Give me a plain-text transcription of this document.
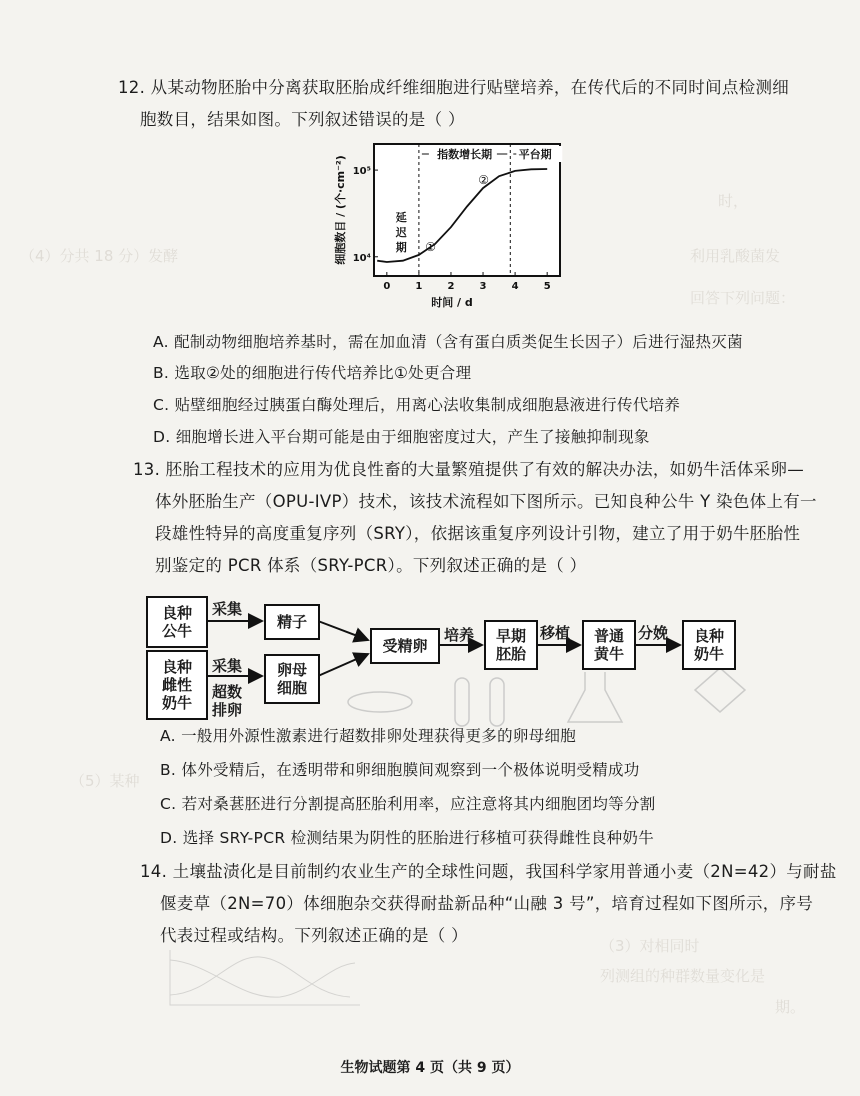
时，
（4）分共 18 分）发酵	利用乳酸菌发
回答下列问题：
（5）某种
（3）对相同时
列测组的种群数量变化是
期。
12. 从某动物胚胎中分离获取胚胎成纤维细胞进行贴壁培养，在传代后的不同时间点检测细
胞数目，结果如图。下列叙述错误的是（ ）
指数增长期 平台期
延
迟
期 ①
②
0	1	2	3	4	5
10⁴
10⁵
细胞数目 / (个·cm⁻²)
时间 / d
A. 配制动物细胞培养基时，需在加血清（含有蛋白质类促生长因子）后进行湿热灭菌
B. 选取②处的细胞进行传代培养比①处更合理
C. 贴壁细胞经过胰蛋白酶处理后，用离心法收集制成细胞悬液进行传代培养
D. 细胞增长进入平台期可能是由于细胞密度过大，产生了接触抑制现象
13. 胚胎工程技术的应用为优良性畜的大量繁殖提供了有效的解决办法，如奶牛活体采卵—
体外胚胎生产（OPU-IVP）技术，该技术流程如下图所示。已知良种公牛 Y 染色体上有一
段雄性特异的高度重复序列（SRY），依据该重复序列设计引物，建立了用于奶牛胚胎性
别鉴定的 PCR 体系（SRY-PCR）。下列叙述正确的是（ ）
良种
公牛
采集
精子
良种
雌性
奶牛
采集
超数
排卵
卵母
细胞
受精卵
培养	早期
胚胎
移植	普通
黄牛
分娩	良种
奶牛
A. 一般用外源性激素进行超数排卵处理获得更多的卵母细胞
B. 体外受精后，在透明带和卵细胞膜间观察到一个极体说明受精成功
C. 若对桑葚胚进行分割提高胚胎利用率，应注意将其内细胞团均等分割
D. 选择 SRY-PCR 检测结果为阴性的胚胎进行移植可获得雌性良种奶牛
14. 土壤盐渍化是目前制约农业生产的全球性问题，我国科学家用普通小麦（2N=42）与耐盐
偃麦草（2N=70）体细胞杂交获得耐盐新品种“山融 3 号”，培育过程如下图所示，序号
代表过程或结构。下列叙述正确的是（ ）
生物试题第 4 页（共 9 页）
